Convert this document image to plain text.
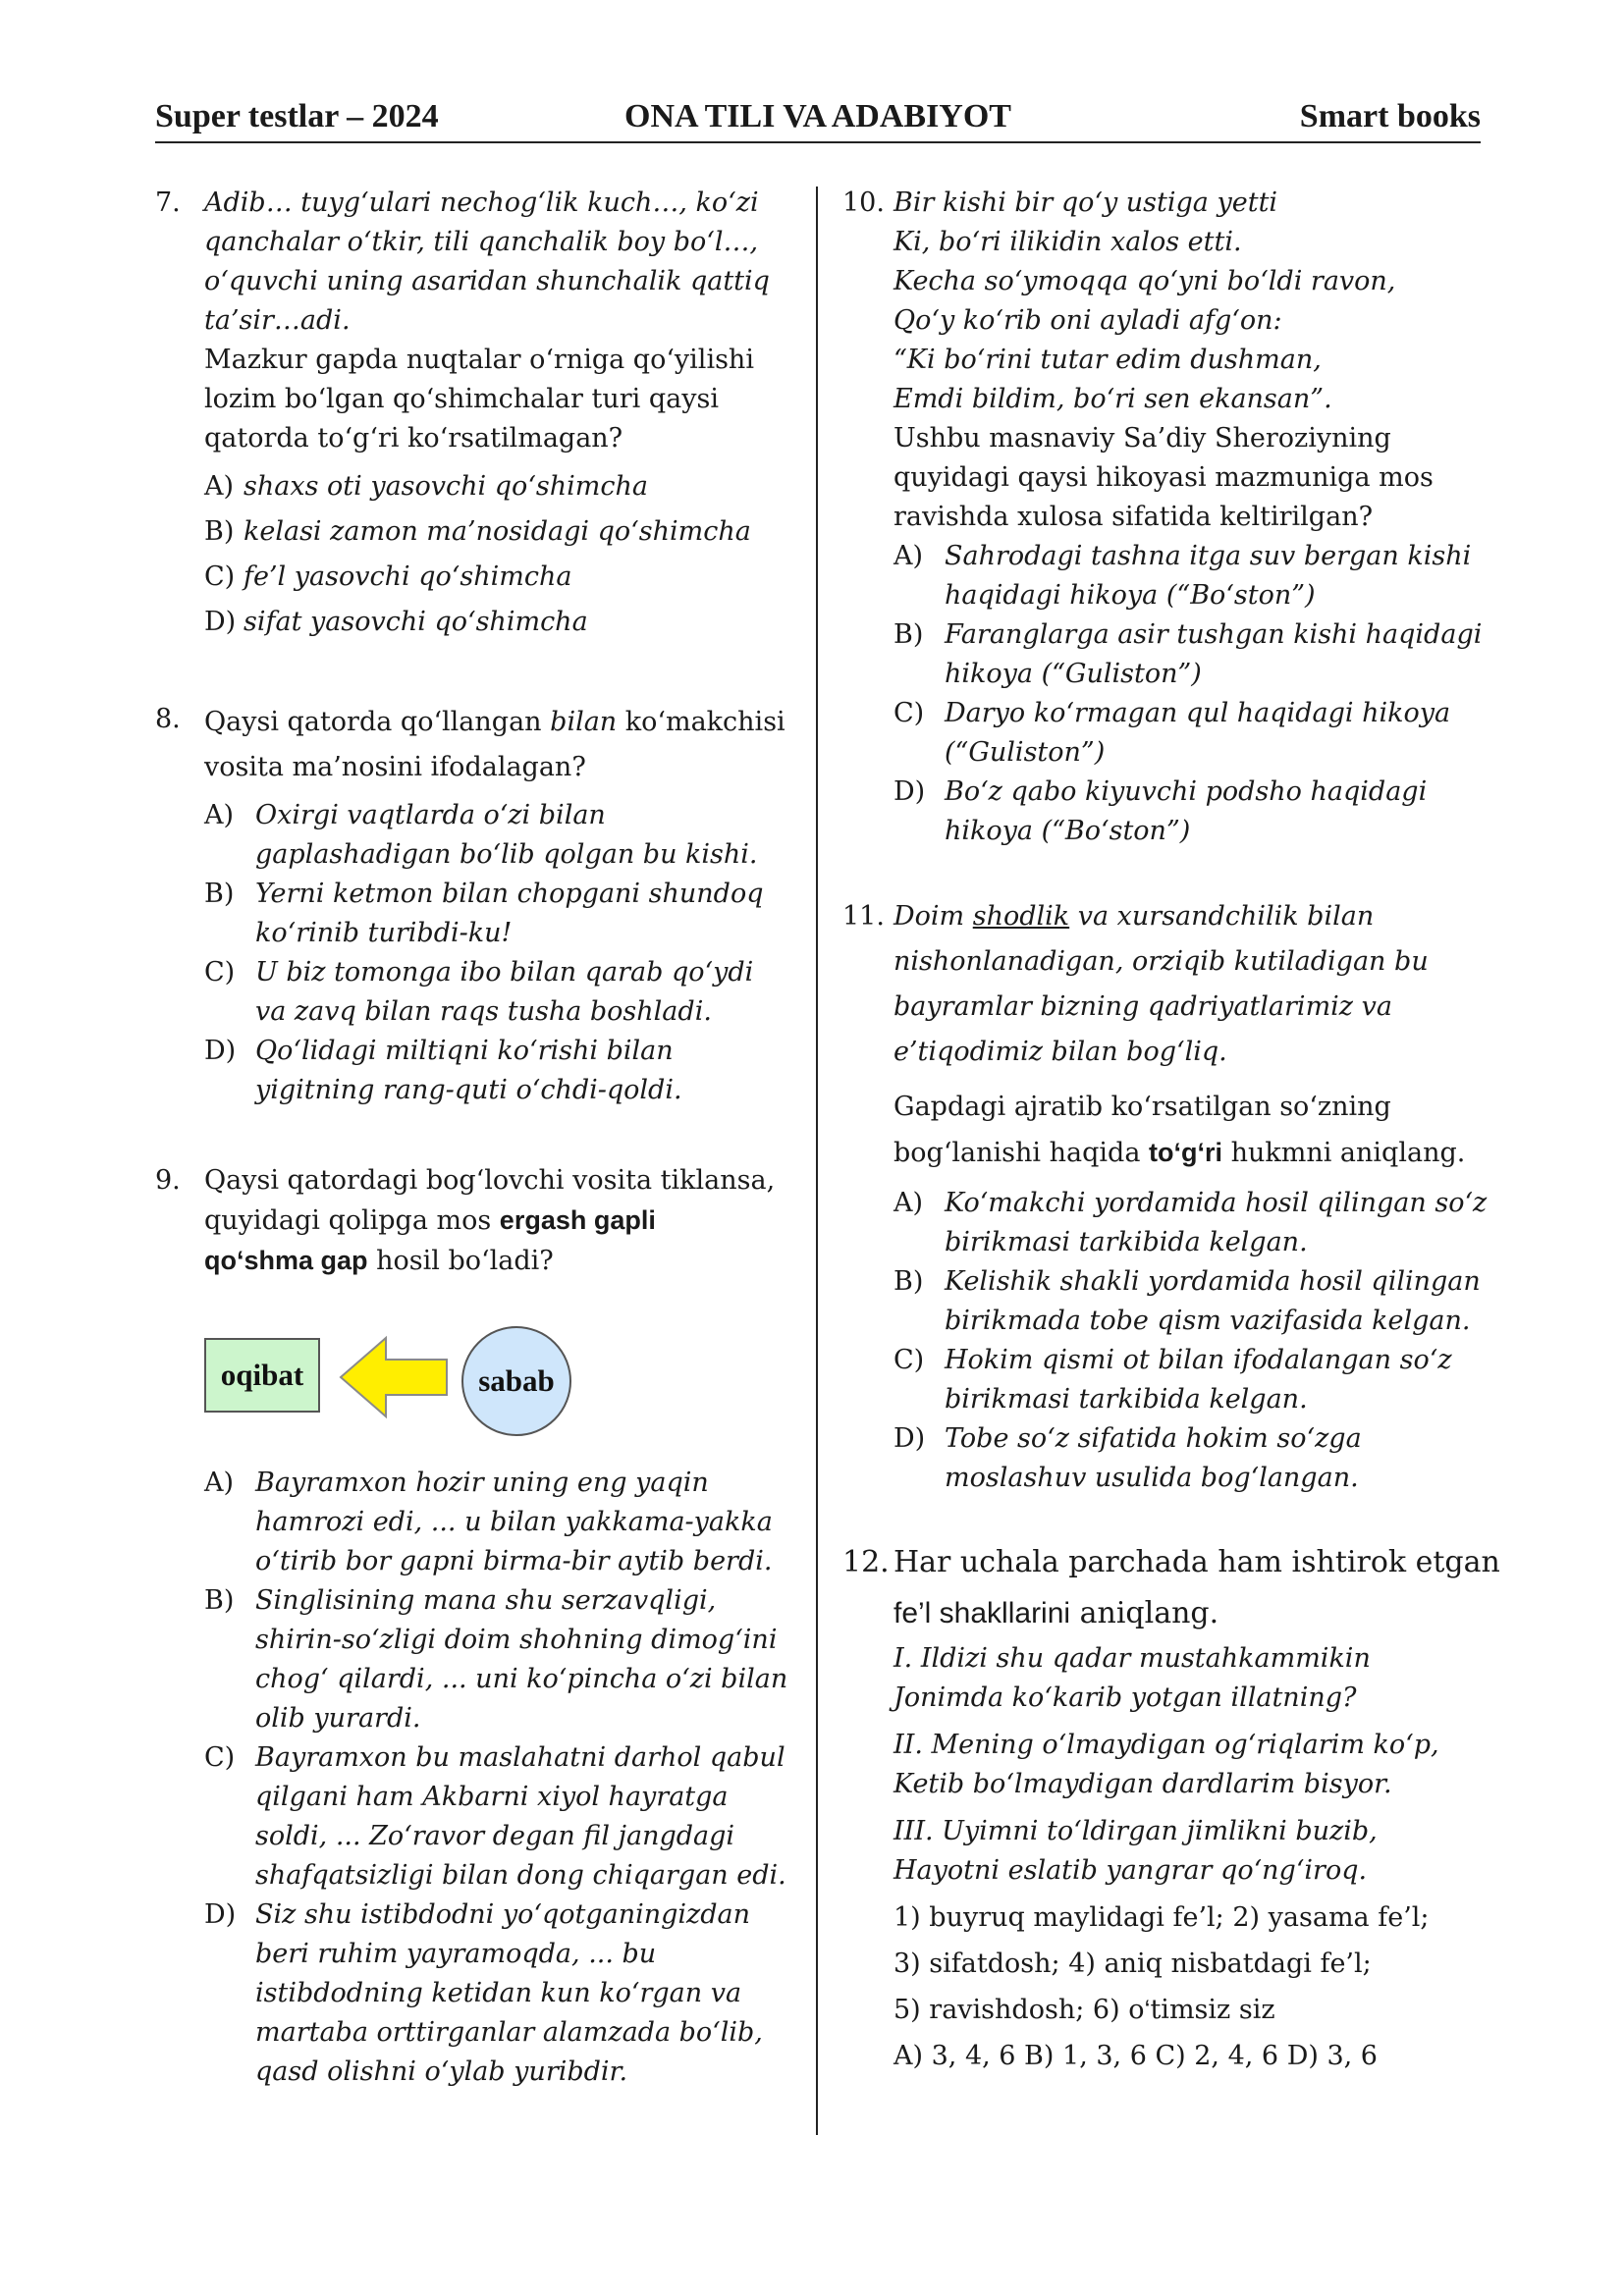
Super testlar – 2024	ONA TILI VA ADABIYOT	Smart books
7. Adib… tuyg‘ulari nechog‘lik kuch…, ko‘zi
qanchalar o‘tkir, tili qanchalik boy bo‘l…,
o‘quvchi uning asaridan shunchalik qattiq
ta’sir…adi.
Mazkur gapda nuqtalar o‘rniga qo‘yilishi
lozim bo‘lgan qo‘shimchalar turi qaysi
qatorda to‘g‘ri ko‘rsatilmagan?
A) shaxs oti yasovchi qo‘shimcha
B) kelasi zamon ma’nosidagi qo‘shimcha
C) fe’l yasovchi qo‘shimcha
D) sifat yasovchi qo‘shimcha
8. Qaysi qatorda qo‘llangan bilan ko‘makchisi
vosita ma’nosini ifodalagan?
A) Oxirgi vaqtlarda o‘zi bilan
gaplashadigan bo‘lib qolgan bu kishi.
B) Yerni ketmon bilan chopgani shundoq
ko‘rinib turibdi-ku!
C) U biz tomonga ibo bilan qarab qo‘ydi
va zavq bilan raqs tusha boshladi.
D) Qo‘lidagi miltiqni ko‘rishi bilan
yigitning rang-quti o‘chdi-qoldi.
9. Qaysi qatordagi bog‘lovchi vosita tiklansa,
quyidagi qolipga mos ergash gapli
qo‘shma gap hosil bo‘ladi?
oqibat	sabab
A) Bayramxon hozir uning eng yaqin
hamrozi edi, ... u bilan yakkama-yakka
o‘tirib bor gapni birma-bir aytib berdi.
B) Singlisining mana shu serzavqligi,
shirin-so‘zligi doim shohning dimog‘ini
chog‘ qilardi, ... uni ko‘pincha o‘zi bilan
olib yurardi.
C) Bayramxon bu maslahatni darhol qabul
qilgani ham Akbarni xiyol hayratga
soldi, ... Zo‘ravor degan fil jangdagi
shafqatsizligi bilan dong chiqargan edi.
D) Siz shu istibdodni yo‘qotganingizdan
beri ruhim yayramoqda, ... bu
istibdodning ketidan kun ko‘rgan va
martaba orttirganlar alamzada bo‘lib,
qasd olishni o‘ylab yuribdir.
10. Bir kishi bir qo‘y ustiga yetti
Ki, bo‘ri ilikidin xalos etti.
Kecha so‘ymoqqa qo‘yni bo‘ldi ravon,
Qo‘y ko‘rib oni ayladi afg‘on:
“Ki bo‘rini tutar edim dushman,
Emdi bildim, bo‘ri sen ekansan”.
Ushbu masnaviy Sa’diy Sheroziyning
quyidagi qaysi hikoyasi mazmuniga mos
ravishda xulosa sifatida keltirilgan?
A) Sahrodagi tashna itga suv bergan kishi
haqidagi hikoya (“Bo‘ston”)
B) Faranglarga asir tushgan kishi haqidagi
hikoya (“Guliston”)
C) Daryo ko‘rmagan qul haqidagi hikoya
(“Guliston”)
D) Bo‘z qabo kiyuvchi podsho haqidagi
hikoya (“Bo‘ston”)
11. Doim shodlik va xursandchilik bilan
nishonlanadigan, orziqib kutiladigan bu
bayramlar bizning qadriyatlarimiz va
e’tiqodimiz bilan bog‘liq.
Gapdagi ajratib ko‘rsatilgan so‘zning
bog‘lanishi haqida to‘g‘ri hukmni aniqlang.
A) Ko‘makchi yordamida hosil qilingan so‘z
birikmasi tarkibida kelgan.
B) Kelishik shakli yordamida hosil qilingan
birikmada tobe qism vazifasida kelgan.
C) Hokim qismi ot bilan ifodalangan so‘z
birikmasi tarkibida kelgan.
D) Tobe so‘z sifatida hokim so‘zga
moslashuv usulida bog‘langan.
12. Har uchala parchada ham ishtirok etgan
fe’l shakllarini aniqlang.
I. Ildizi shu qadar mustahkammikin
Jonimda ko‘karib yotgan illatning?
II. Mening o‘lmaydigan og‘riqlarim ko‘p,
Ketib bo‘lmaydigan dardlarim bisyor.
III. Uyimni to‘ldirgan jimlikni buzib,
Hayotni eslatib yangrar qo‘ng‘iroq.
1) buyruq maylidagi fe’l; 2) yasama fe’l;
3) sifatdosh; 4) aniq nisbatdagi fe’l;
5) ravishdosh; 6) o‘timsiz siz
A) 3, 4, 6 B) 1, 3, 6 C) 2, 4, 6 D) 3, 6
